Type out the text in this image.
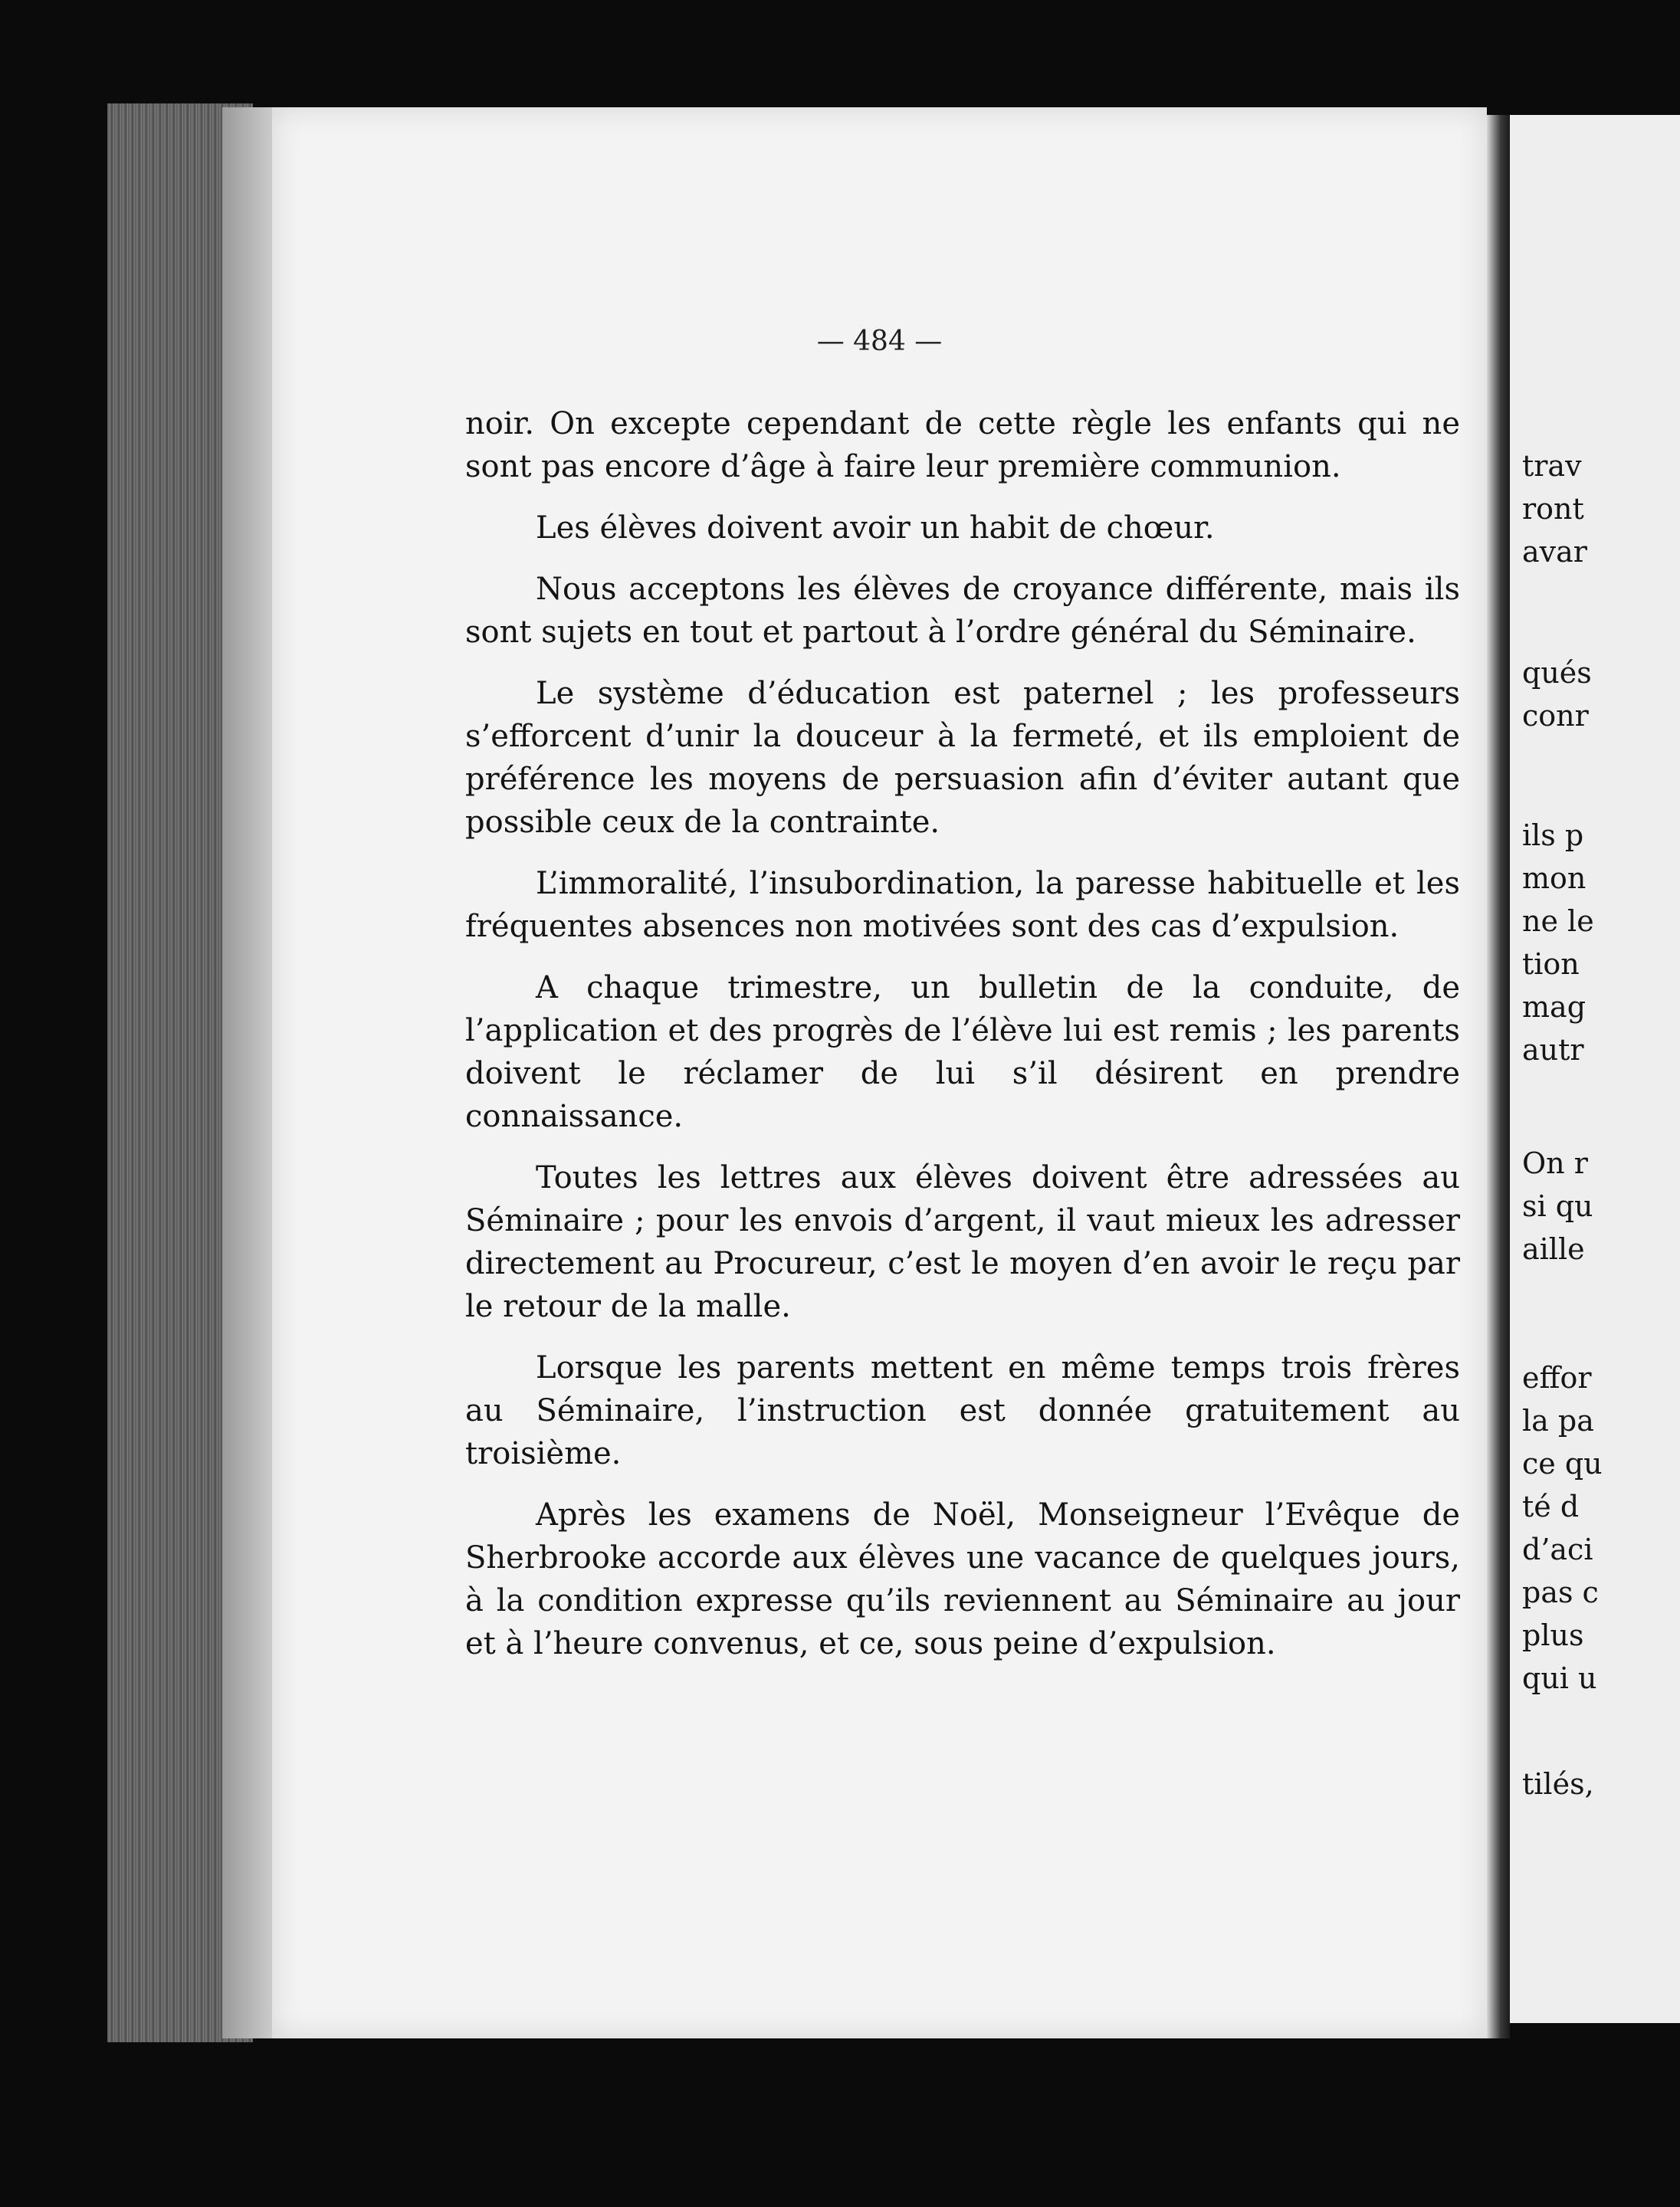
— 484 —

noir. On excepte cependant de cette règle les enfants qui ne sont pas encore d’âge à faire leur première communion.

Les élèves doivent avoir un habit de chœur.

Nous acceptons les élèves de croyance différente, mais ils sont sujets en tout et partout à l’ordre général du Séminaire.

Le système d’éducation est paternel ; les professeurs s’efforcent d’unir la douceur à la fermeté, et ils emploient de préférence les moyens de persuasion afin d’éviter autant que possible ceux de la contrainte.

L’immoralité, l’insubordination, la paresse habituelle et les fréquentes absences non motivées sont des cas d’expulsion.

A chaque trimestre, un bulletin de la conduite, de l’application et des progrès de l’élève lui est remis ; les parents doivent le réclamer de lui s’il désirent en prendre connaissance.

Toutes les lettres aux élèves doivent être adressées au Séminaire ; pour les envois d’argent, il vaut mieux les adresser directement au Procureur, c’est le moyen d’en avoir le reçu par le retour de la malle.

Lorsque les parents mettent en même temps trois frères au Séminaire, l’instruction est donnée gratuitement au troisième.

Après les examens de Noël, Monseigneur l’Evêque de Sherbrooke accorde aux élèves une vacance de quelques jours, à la condition expresse qu’ils reviennent au Séminaire au jour et à l’heure convenus, et ce, sous peine d’expulsion.

trav
ront
avar
qués
conr
ils p
mon
ne le
tion
mag
autr
On r
si qu
aille
effor
la pa
ce qu
té d
d’aci
pas c
plus
qui u
tilés,
